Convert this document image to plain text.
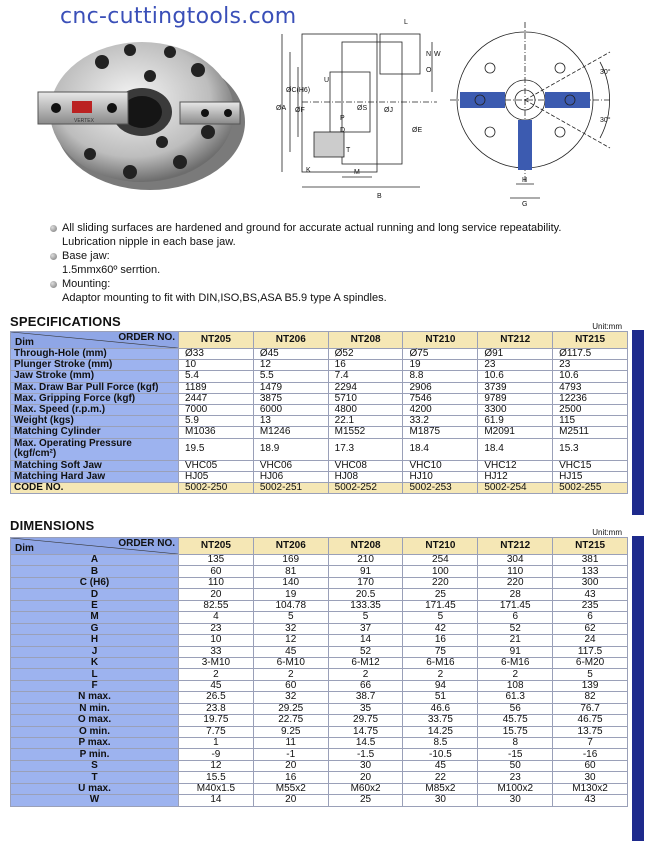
cnc-cuttingtools.com
VERTEX
L
N
O
W
U
ØA
ØC(H6)
ØF	ØS
P
D
ØJ
ØE
K	M
B
T
30°
30°
H
G
All sliding surfaces are hardened and ground for accurate actual running and long service repeatability.
Lubrication nipple in each base jaw.
Base jaw:
1.5mmx60º serrtion.
Mounting:
Adaptor mounting to fit with DIN,ISO,BS,ASA B5.9 type A spindles.
SPECIFICATIONS	Unit:mm
ORDER NO.
Dim	NT205	NT206	NT208	NT210	NT212	NT215
Through-Hole (mm)	Ø33	Ø45	Ø52	Ø75	Ø91	Ø117.5
Plunger Stroke (mm)	10	12	16	19	23	23
Jaw Stroke (mm)	5.4	5.5	7.4	8.8	10.6	10.6
Max. Draw Bar Pull Force (kgf)	1189	1479	2294	2906	3739	4793
Max. Gripping Force (kgf)	2447	3875	5710	7546	9789	12236
Max. Speed (r.p.m.)	7000	6000	4800	4200	3300	2500
Weight (kgs)	5.9	13	22.1	33.2	61.9	115
Matching Cylinder	M1036	M1246	M1552	M1875	M2091	M2511
Max. Operating Pressure (kgf/cm²)	19.5	18.9	17.3	18.4	18.4	15.3
Matching Soft Jaw	VHC05	VHC06	VHC08	VHC10	VHC12	VHC15
Matching Hard Jaw	HJ05	HJ06	HJ08	HJ10	HJ12	HJ15
CODE NO.	5002-250	5002-251	5002-252	5002-253	5002-254	5002-255
DIMENSIONS	Unit:mm
ORDER NO.
Dim	NT205	NT206	NT208	NT210	NT212	NT215
A	135	169	210	254	304	381
B	60	81	91	100	110	133
C (H6)	110	140	170	220	220	300
D	20	19	20.5	25	28	43
E	82.55	104.78	133.35	171.45	171.45	235
M	4	5	5	5	6	6
G	23	32	37	42	52	62
H	10	12	14	16	21	24
J	33	45	52	75	91	117.5
K	3-M10	6-M10	6-M12	6-M16	6-M16	6-M20
L	2	2	2	2	2	5
F	45	60	66	94	108	139
N max.	26.5	32	38.7	51	61.3	82
N min.	23.8	29.25	35	46.6	56	76.7
O max.	19.75	22.75	29.75	33.75	45.75	46.75
O min.	7.75	9.25	14.75	14.25	15.75	13.75
P max.	1	11	14.5	8.5	8	7
P min.	-9	-1	-1.5	-10.5	-15	-16
S	12	20	30	45	50	60
T	15.5	16	20	22	23	30
U max.	M40x1.5	M55x2	M60x2	M85x2	M100x2	M130x2
W	14	20	25	30	30	43
